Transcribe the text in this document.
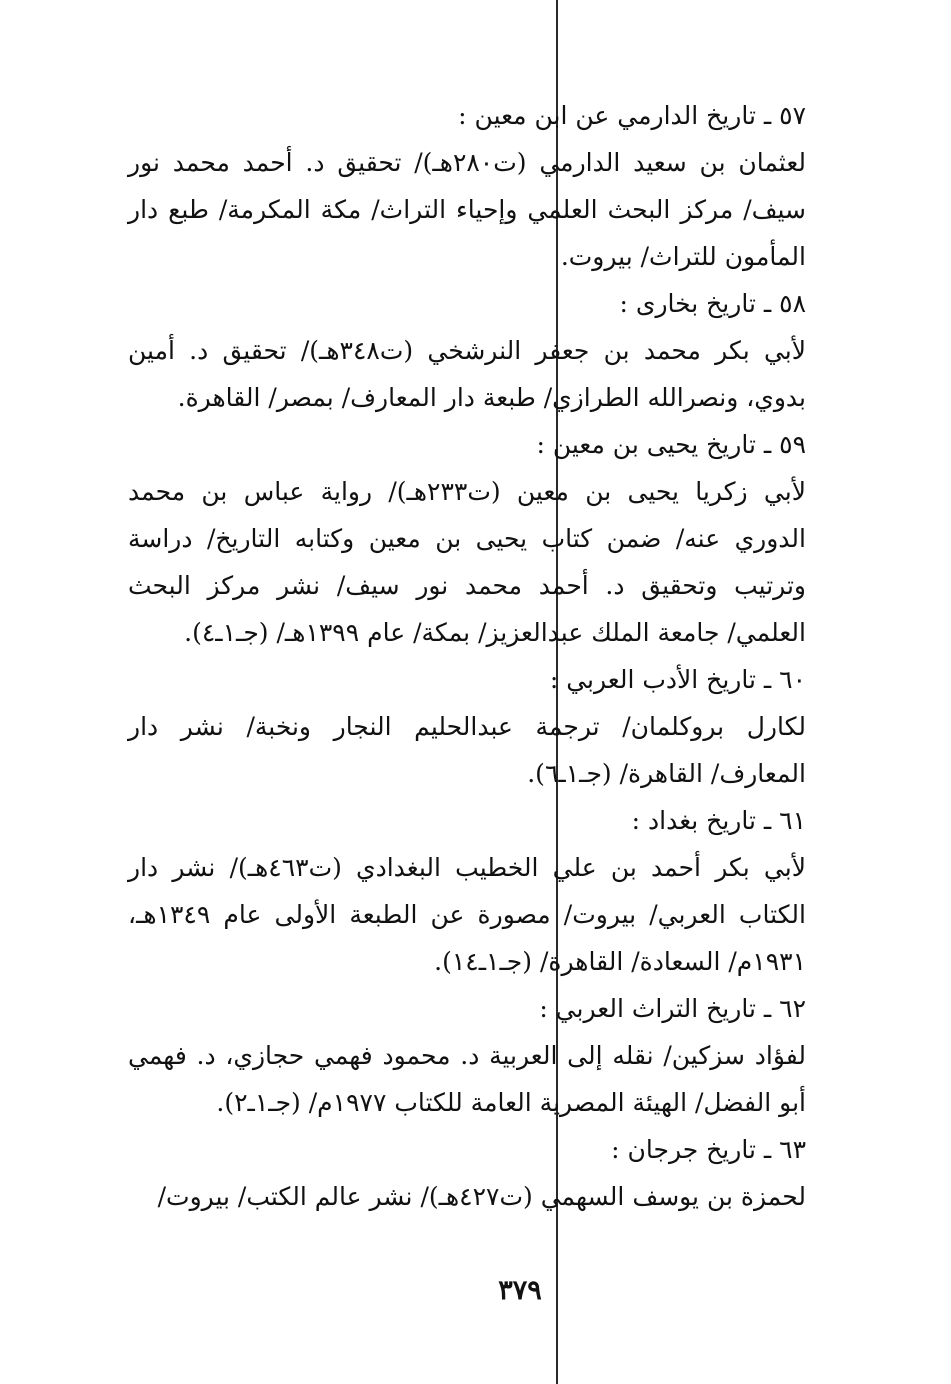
٥٧ ـ تاريخ الدارمي عن ابن معين :
لعثمان بن سعيد الدارمي (ت٢٨٠هـ)/ تحقيق د. أحمد محمد نور سيف/ مركز البحث العلمي وإحياء التراث/ مكة المكرمة/ طبع دار المأمون للتراث/ بيروت.
٥٨ ـ تاريخ بخارى :
لأبي بكر محمد بن جعفر النرشخي (ت٣٤٨هـ)/ تحقيق د. أمين بدوي، ونصرالله الطرازي/ طبعة دار المعارف/ بمصر/ القاهرة.
٥٩ ـ تاريخ يحيى بن معين :
لأبي زكريا يحيى بن معين (ت٢٣٣هـ)/ رواية عباس بن محمد الدوري عنه/ ضمن كتاب يحيى بن معين وكتابه التاريخ/ دراسة وترتيب وتحقيق د. أحمد محمد نور سيف/ نشر مركز البحث العلمي/ جامعة الملك عبدالعزيز/ بمكة/ عام ١٣٩٩هـ/ (جـ١ـ٤).
٦٠ ـ تاريخ الأدب العربي :
لكارل بروكلمان/ ترجمة عبدالحليم النجار ونخبة/ نشر دار المعارف/ القاهرة/ (جـ١ـ٦).
٦١ ـ تاريخ بغداد :
لأبي بكر أحمد بن علي الخطيب البغدادي (ت٤٦٣هـ)/ نشر دار الكتاب العربي/ بيروت/ مصورة عن الطبعة الأولى عام ١٣٤٩هـ، ١٩٣١م/ السعادة/ القاهرة/ (جـ١ـ١٤).
٦٢ ـ تاريخ التراث العربي :
لفؤاد سزكين/ نقله إلى العربية د. محمود فهمي حجازي، د. فهمي أبو الفضل/ الهيئة المصرية العامة للكتاب ١٩٧٧م/ (جـ١ـ٢).
٦٣ ـ تاريخ جرجان :
لحمزة بن يوسف السهمي (ت٤٢٧هـ)/ نشر عالم الكتب/ بيروت/
٣٧٩
